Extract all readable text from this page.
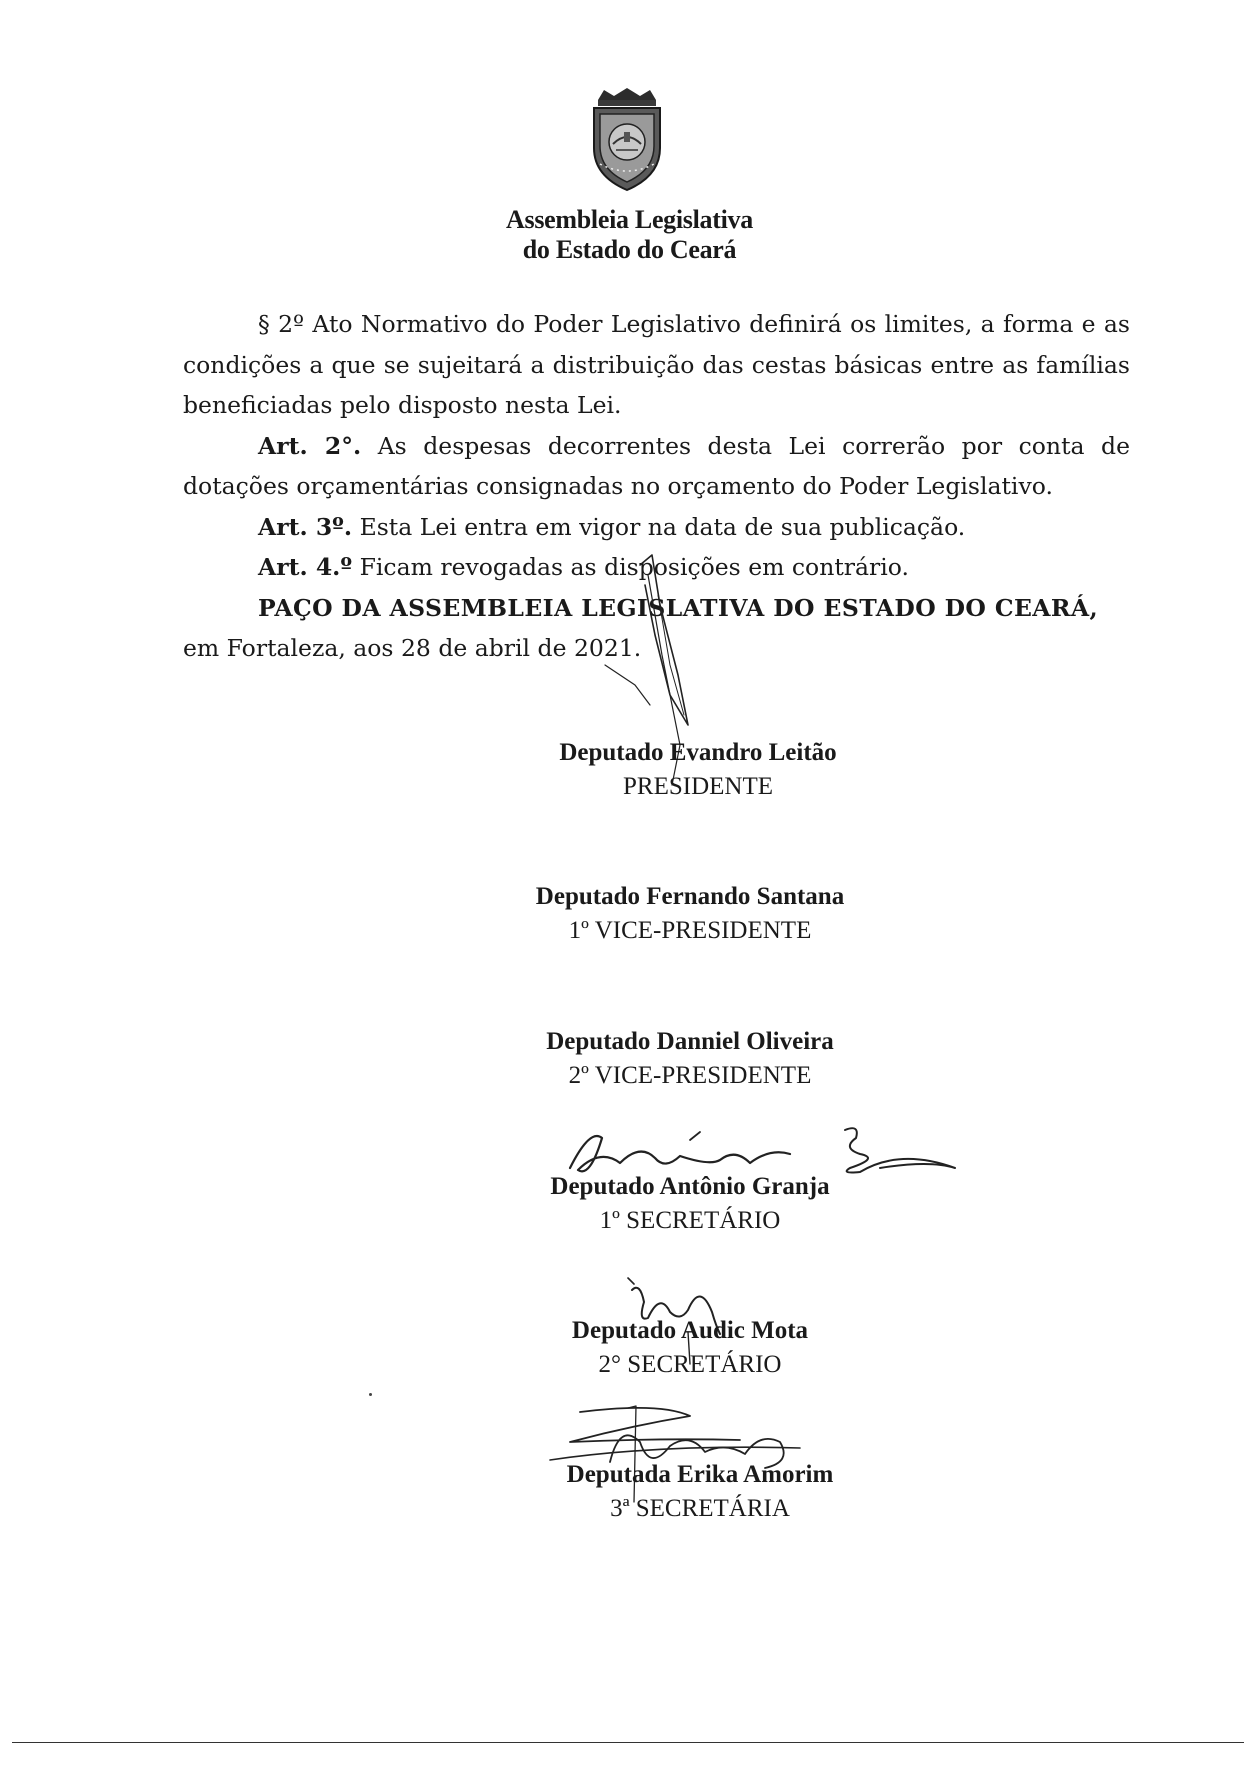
Assembleia Legislativa
do Estado do Ceará

§ 2º Ato Normativo do Poder Legislativo definirá os limites, a forma e as condições a que se sujeitará a distribuição das cestas básicas entre as famílias beneficiadas pelo disposto nesta Lei.

Art. 2°. As despesas decorrentes desta Lei correrão por conta de dotações orçamentárias consignadas no orçamento do Poder Legislativo.

Art. 3º. Esta Lei entra em vigor na data de sua publicação.

Art. 4.º Ficam revogadas as disposições em contrário.

PAÇO DA ASSEMBLEIA LEGISLATIVA DO ESTADO DO CEARÁ,

em Fortaleza, aos 28 de abril de 2021.

Deputado Evandro Leitão
PRESIDENTE
Deputado Fernando Santana
1º VICE-PRESIDENTE
Deputado Danniel Oliveira
2º VICE-PRESIDENTE
Deputado Antônio Granja
1º SECRETÁRIO
Deputado Audic Mota
2° SECRETÁRIO
Deputada Erika Amorim
3ª SECRETÁRIA
